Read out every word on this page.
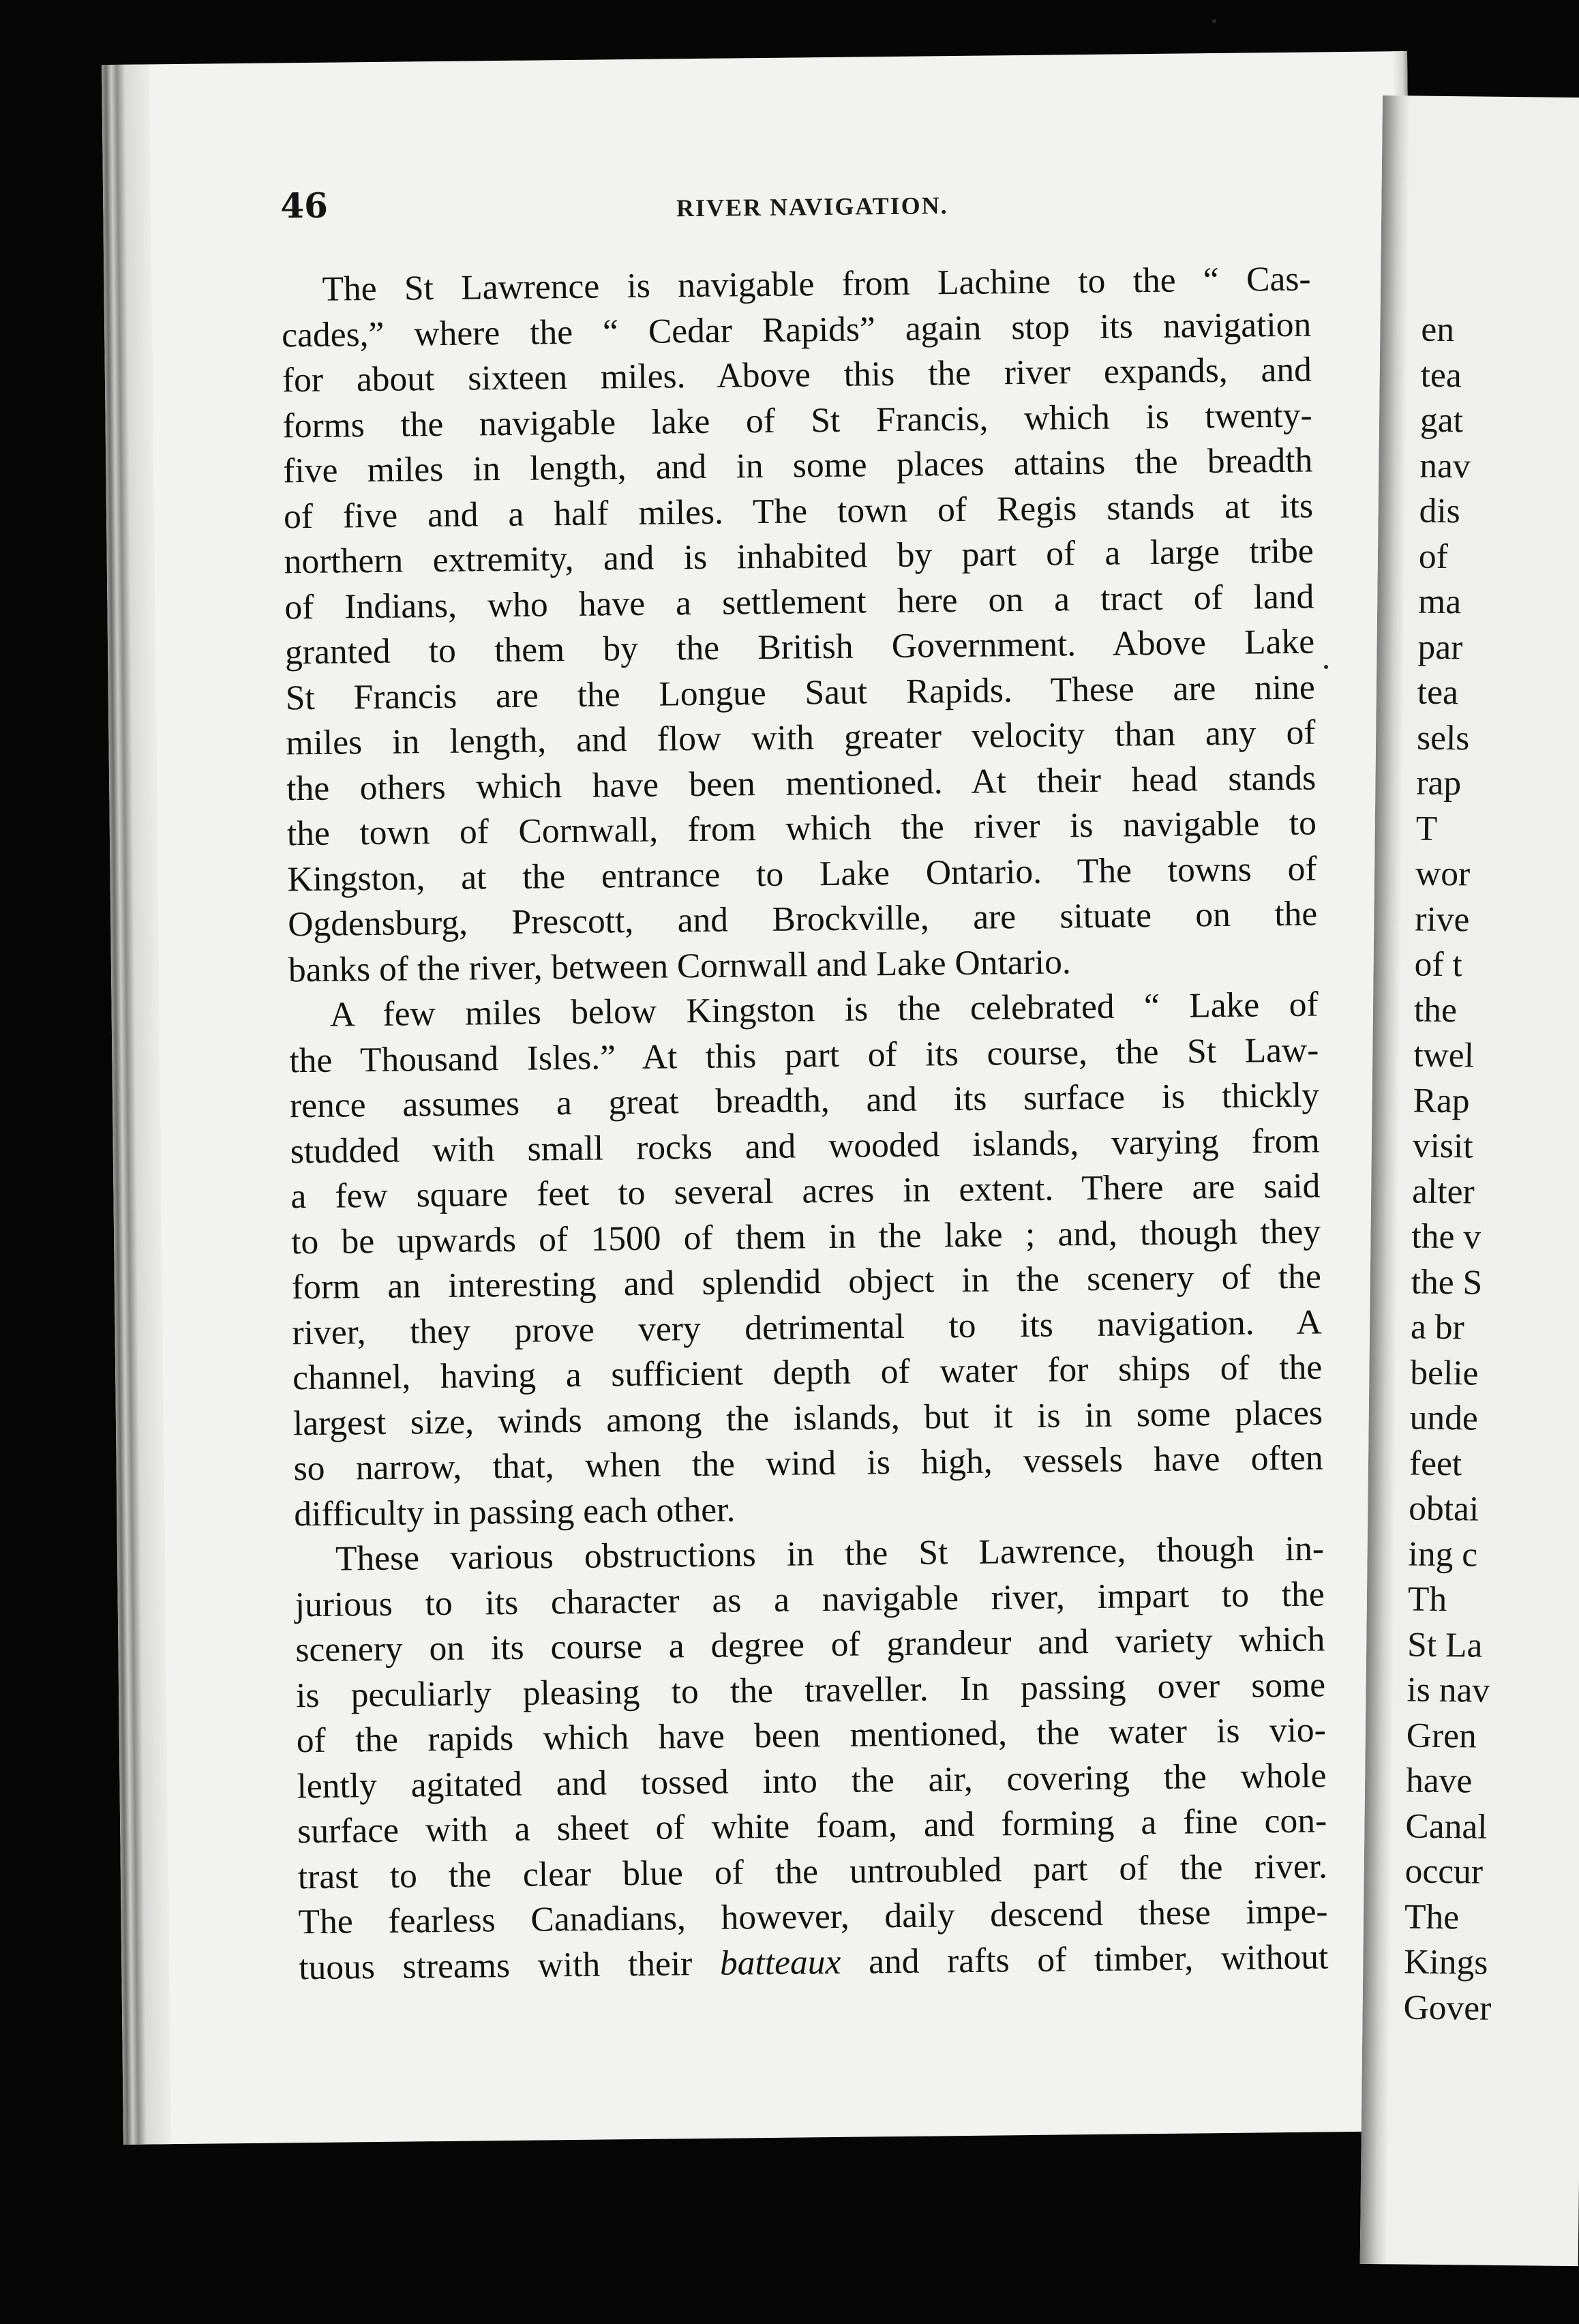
46	RIVER NAVIGATION.
The St Lawrence is navigable from Lachine to the “ Cas-
cades,” where the “ Cedar Rapids” again stop its navigation
for about sixteen miles. Above this the river expands, and
forms the navigable lake of St Francis, which is twenty-
five miles in length, and in some places attains the breadth
of five and a half miles. The town of Regis stands at its
northern extremity, and is inhabited by part of a large tribe
of Indians, who have a settlement here on a tract of land
granted to them by the British Government. Above Lake
St Francis are the Longue Saut Rapids. These are nine
miles in length, and flow with greater velocity than any of
the others which have been mentioned. At their head stands
the town of Cornwall, from which the river is navigable to
Kingston, at the entrance to Lake Ontario. The towns of
Ogdensburg, Prescott, and Brockville, are situate on the
banks of the river, between Cornwall and Lake Ontario.
A few miles below Kingston is the celebrated “ Lake of
the Thousand Isles.” At this part of its course, the St Law-
rence assumes a great breadth, and its surface is thickly
studded with small rocks and wooded islands, varying from
a few square feet to several acres in extent. There are said
to be upwards of 1500 of them in the lake ; and, though they
form an interesting and splendid object in the scenery of the
river, they prove very detrimental to its navigation. A
channel, having a sufficient depth of water for ships of the
largest size, winds among the islands, but it is in some places
so narrow, that, when the wind is high, vessels have often
difficulty in passing each other.
These various obstructions in the St Lawrence, though in-
jurious to its character as a navigable river, impart to the
scenery on its course a degree of grandeur and variety which
is peculiarly pleasing to the traveller. In passing over some
of the rapids which have been mentioned, the water is vio-
lently agitated and tossed into the air, covering the whole
surface with a sheet of white foam, and forming a fine con-
trast to the clear blue of the untroubled part of the river.
The fearless Canadians, however, daily descend these impe-
tuous streams with their batteaux and rafts of timber, without
en
tea
gat
nav
dis
of
ma
par
tea
sels
rap
T
wor
rive
of t
the
twel
Rap
visit
alter
the v
the S
a br
belie
unde
feet
obtai
ing c
Th
St La
is nav
Gren
have
Canal
occur
The
Kings
Gover
